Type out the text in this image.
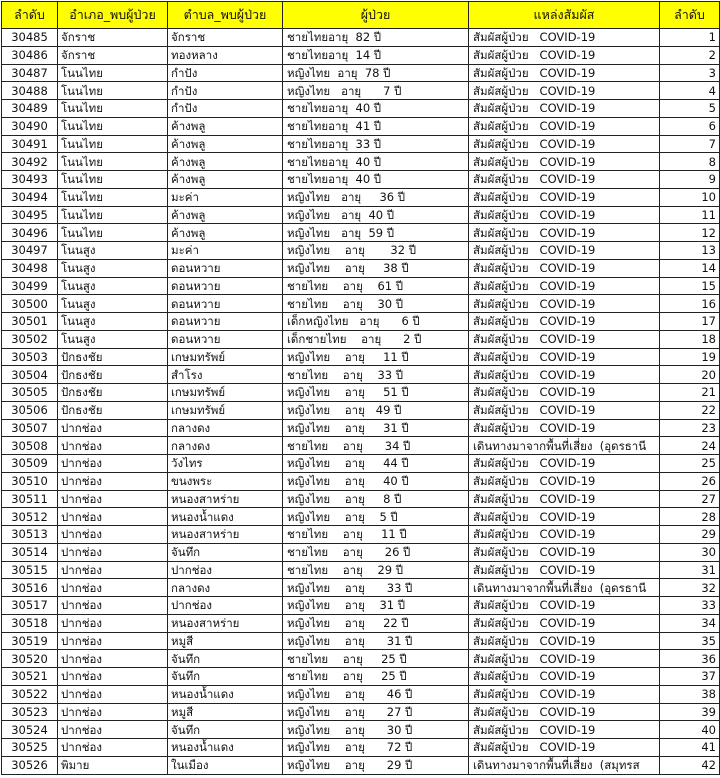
ลำดับ	อำเภอ_พบผู้ป่วย	ตำบล_พบผู้ป่วย	ผู้ป่วย	แหล่งสัมผัส	ลำดับ
30485	จักราช	จักราช	ชายไทยอายุ  82 ปี	สัมผัสผู้ป่วย   COVID-19	1
30486	จักราช	ทองหลาง	ชายไทยอายุ  14 ปี	สัมผัสผู้ป่วย   COVID-19	2
30487	โนนไทย	กำปัง	หญิงไทย  อายุ  78 ปี	สัมผัสผู้ป่วย   COVID-19	3
30488	โนนไทย	กำปัง	หญิงไทย   อายุ      7 ปี	สัมผัสผู้ป่วย   COVID-19	4
30489	โนนไทย	กำปัง	ชายไทยอายุ  40 ปี	สัมผัสผู้ป่วย   COVID-19	5
30490	โนนไทย	ค้างพลู	ชายไทยอายุ  41 ปี	สัมผัสผู้ป่วย   COVID-19	6
30491	โนนไทย	ค้างพลู	ชายไทยอายุ  33 ปี	สัมผัสผู้ป่วย   COVID-19	7
30492	โนนไทย	ค้างพลู	ชายไทยอายุ  40 ปี	สัมผัสผู้ป่วย   COVID-19	8
30493	โนนไทย	ค้างพลู	ชายไทยอายุ  40 ปี	สัมผัสผู้ป่วย   COVID-19	9
30494	โนนไทย	มะค่า	หญิงไทย   อายุ     36 ปี	สัมผัสผู้ป่วย   COVID-19	10
30495	โนนไทย	ค้างพลู	หญิงไทย   อายุ  40 ปี	สัมผัสผู้ป่วย   COVID-19	11
30496	โนนไทย	ค้างพลู	หญิงไทย   อายุ  59 ปี	สัมผัสผู้ป่วย   COVID-19	12
30497	โนนสูง	มะค่า	หญิงไทย    อายุ       32 ปี	สัมผัสผู้ป่วย   COVID-19	13
30498	โนนสูง	ดอนหวาย	หญิงไทย    อายุ     38 ปี	สัมผัสผู้ป่วย   COVID-19	14
30499	โนนสูง	ดอนหวาย	ชายไทย    อายุ    61 ปี	สัมผัสผู้ป่วย   COVID-19	15
30500	โนนสูง	ดอนหวาย	ชายไทย    อายุ    30 ปี	สัมผัสผู้ป่วย   COVID-19	16
30501	โนนสูง	ดอนหวาย	เด็กหญิงไทย   อายุ      6 ปี	สัมผัสผู้ป่วย   COVID-19	17
30502	โนนสูง	ดอนหวาย	เด็กชายไทย    อายุ      2 ปี	สัมผัสผู้ป่วย   COVID-19	18
30503	ปักธงชัย	เกษมทรัพย์	หญิงไทย    อายุ     11 ปี	สัมผัสผู้ป่วย   COVID-19	19
30504	ปักธงชัย	สำโรง	ชายไทย    อายุ    33 ปี	สัมผัสผู้ป่วย   COVID-19	20
30505	ปักธงชัย	เกษมทรัพย์	หญิงไทย    อายุ     51 ปี	สัมผัสผู้ป่วย   COVID-19	21
30506	ปักธงชัย	เกษมทรัพย์	หญิงไทย    อายุ   49 ปี	สัมผัสผู้ป่วย   COVID-19	22
30507	ปากช่อง	กลางดง	หญิงไทย    อายุ     31 ปี	สัมผัสผู้ป่วย   COVID-19	23
30508	ปากช่อง	กลางดง	ชายไทย    อายุ      34 ปี	เดินทางมาจากพื้นที่เสี่ยง  (อุดรธานี	24
30509	ปากช่อง	วังไทร	หญิงไทย    อายุ     44 ปี	สัมผัสผู้ป่วย   COVID-19	25
30510	ปากช่อง	ขนงพระ	หญิงไทย    อายุ     40 ปี	สัมผัสผู้ป่วย   COVID-19	26
30511	ปากช่อง	หนองสาหร่าย	หญิงไทย    อายุ     8 ปี	สัมผัสผู้ป่วย   COVID-19	27
30512	ปากช่อง	หนองน้ำแดง	หญิงไทย    อายุ    5 ปี	สัมผัสผู้ป่วย   COVID-19	28
30513	ปากช่อง	หนองสาหร่าย	ชายไทย    อายุ     11 ปี	สัมผัสผู้ป่วย   COVID-19	29
30514	ปากช่อง	จันทึก	ชายไทย    อายุ      26 ปี	สัมผัสผู้ป่วย   COVID-19	30
30515	ปากช่อง	ปากช่อง	ชายไทย    อายุ    29 ปี	สัมผัสผู้ป่วย   COVID-19	31
30516	ปากช่อง	กลางดง	หญิงไทย    อายุ      33 ปี	เดินทางมาจากพื้นที่เสี่ยง  (อุดรธานี	32
30517	ปากช่อง	ปากช่อง	หญิงไทย    อายุ    31 ปี	สัมผัสผู้ป่วย   COVID-19	33
30518	ปากช่อง	หนองสาหร่าย	หญิงไทย    อายุ     22 ปี	สัมผัสผู้ป่วย   COVID-19	34
30519	ปากช่อง	หมูสี	หญิงไทย    อายุ      31 ปี	สัมผัสผู้ป่วย   COVID-19	35
30520	ปากช่อง	จันทึก	ชายไทย    อายุ     25 ปี	สัมผัสผู้ป่วย   COVID-19	36
30521	ปากช่อง	จันทึก	ชายไทย    อายุ     25 ปี	สัมผัสผู้ป่วย   COVID-19	37
30522	ปากช่อง	หนองน้ำแดง	หญิงไทย    อายุ      46 ปี	สัมผัสผู้ป่วย   COVID-19	38
30523	ปากช่อง	หมูสี	หญิงไทย    อายุ      27 ปี	สัมผัสผู้ป่วย   COVID-19	39
30524	ปากช่อง	จันทึก	หญิงไทย    อายุ      30 ปี	สัมผัสผู้ป่วย   COVID-19	40
30525	ปากช่อง	หนองน้ำแดง	หญิงไทย    อายุ      72 ปี	สัมผัสผู้ป่วย   COVID-19	41
30526	พิมาย	ในเมือง	หญิงไทย    อายุ      29 ปี	เดินทางมาจากพื้นที่เสี่ยง  (สมุทรส	42
